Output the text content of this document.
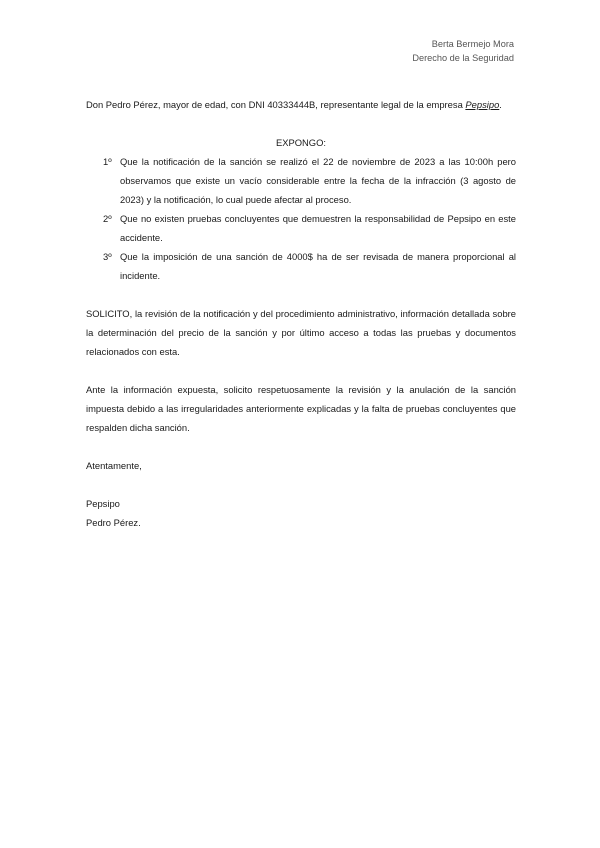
Berta Bermejo Mora
Derecho de la Seguridad

Don Pedro Pérez, mayor de edad, con DNI 40333444B, representante legal de la empresa Pepsipo.

EXPONGO:
1º Que la notificación de la sanción se realizó el 22 de noviembre de 2023 a las 10:00h pero observamos que existe un vacío considerable entre la fecha de la infracción (3 agosto de 2023) y la notificación, lo cual puede afectar al proceso.
2º Que no existen pruebas concluyentes que demuestren la responsabilidad de Pepsipo en este accidente.
3º Que la imposición de una sanción de 4000$ ha de ser revisada de manera proporcional al incidente.

SOLICITO, la revisión de la notificación y del procedimiento administrativo, información detallada sobre la determinación del precio de la sanción y por último acceso a todas las pruebas y documentos relacionados con esta.

Ante la información expuesta, solicito respetuosamente la revisión y la anulación de la sanción impuesta debido a las irregularidades anteriormente explicadas y la falta de pruebas concluyentes que respalden dicha sanción.

Atentamente,

Pepsipo
Pedro Pérez.
